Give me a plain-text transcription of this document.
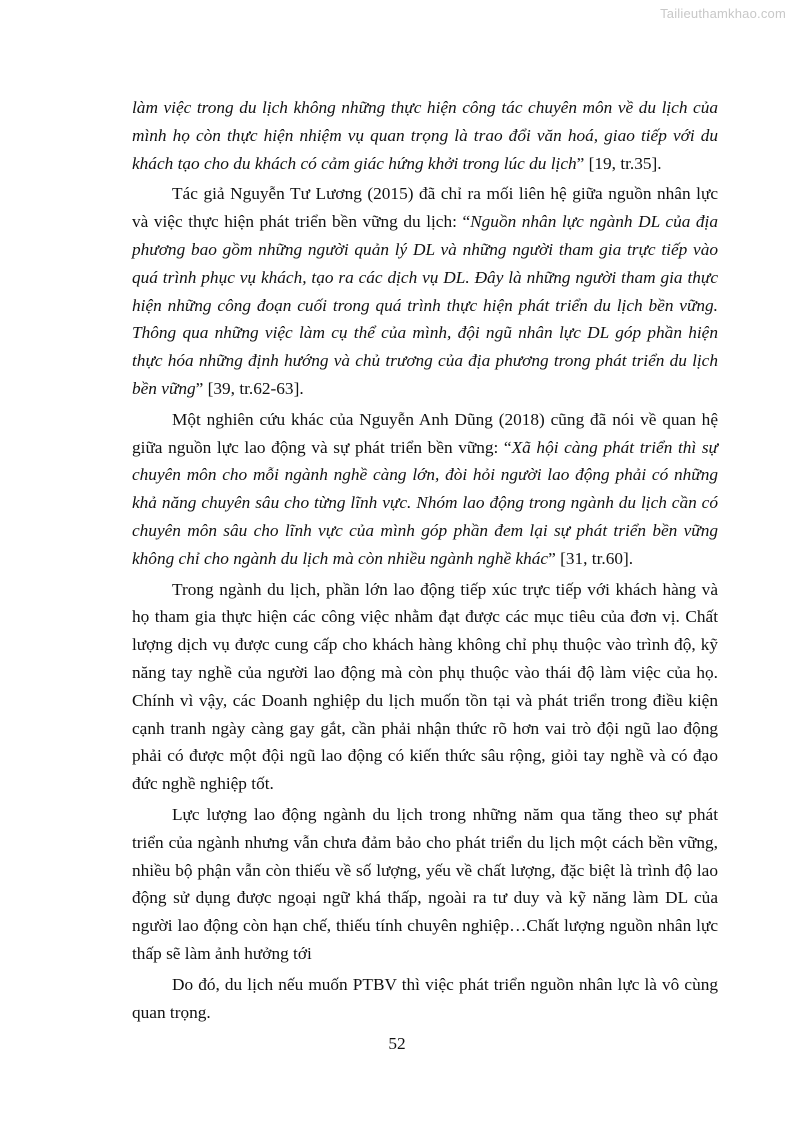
Tailieuthamkhao.com

làm việc trong du lịch không những thực hiện công tác chuyên môn về du lịch của mình họ còn thực hiện nhiệm vụ quan trọng là trao đổi văn hoá, giao tiếp với du khách tạo cho du khách có cảm giác hứng khởi trong lúc du lịch” [19, tr.35].

Tác giả Nguyễn Tư Lương (2015) đã chỉ ra mối liên hệ giữa nguồn nhân lực và việc thực hiện phát triển bền vững du lịch: “Nguồn nhân lực ngành DL của địa phương bao gồm những người quản lý DL và những người tham gia trực tiếp vào quá trình phục vụ khách, tạo ra các dịch vụ DL. Đây là những người tham gia thực hiện những công đoạn cuối trong quá trình thực hiện phát triển du lịch bền vững. Thông qua những việc làm cụ thể của mình, đội ngũ nhân lực DL góp phần hiện thực hóa những định hướng và chủ trương của địa phương trong phát triển du lịch bền vững” [39, tr.62-63].

Một nghiên cứu khác của Nguyễn Anh Dũng (2018) cũng đã nói về quan hệ giữa nguồn lực lao động và sự phát triển bền vững: “Xã hội càng phát triển thì sự chuyên môn cho mỗi ngành nghề càng lớn, đòi hỏi người lao động phải có những khả năng chuyên sâu cho từng lĩnh vực. Nhóm lao động trong ngành du lịch cần có chuyên môn sâu cho lĩnh vực của mình góp phần đem lại sự phát triển bền vững không chỉ cho ngành du lịch mà còn nhiều ngành nghề khác” [31, tr.60].

Trong ngành du lịch, phần lớn lao động tiếp xúc trực tiếp với khách hàng và họ tham gia thực hiện các công việc nhằm đạt được các mục tiêu của đơn vị. Chất lượng dịch vụ được cung cấp cho khách hàng không chỉ phụ thuộc vào trình độ, kỹ năng tay nghề của người lao động mà còn phụ thuộc vào thái độ làm việc của họ. Chính vì vậy, các Doanh nghiệp du lịch muốn tồn tại và phát triển trong điều kiện cạnh tranh ngày càng gay gắt, cần phải nhận thức rõ hơn vai trò đội ngũ lao động phải có được một đội ngũ lao động có kiến thức sâu rộng, giỏi tay nghề và có đạo đức nghề nghiệp tốt.

Lực lượng lao động ngành du lịch trong những năm qua tăng theo sự phát triển của ngành nhưng vẫn chưa đảm bảo cho phát triển du lịch một cách bền vững, nhiều bộ phận vẫn còn thiếu về số lượng, yếu về chất lượng, đặc biệt là trình độ lao động sử dụng được ngoại ngữ khá thấp, ngoài ra tư duy và kỹ năng làm DL của người lao động còn hạn chế, thiếu tính chuyên nghiệp…Chất lượng nguồn nhân lực thấp sẽ làm ảnh hưởng tới

Do đó, du lịch nếu muốn PTBV thì việc phát triển nguồn nhân lực là vô cùng quan trọng.

52
